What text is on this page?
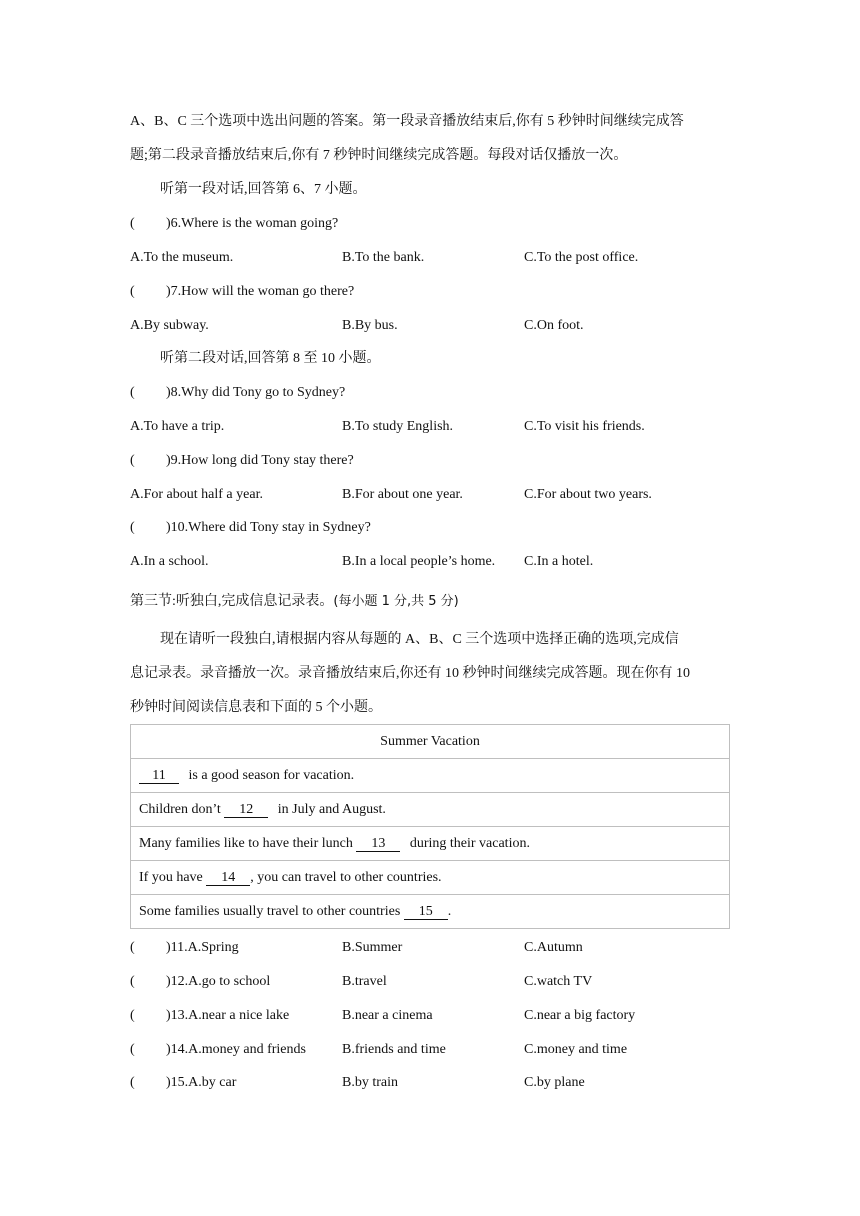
A、B、C 三个选项中选出问题的答案。第一段录音播放结束后,你有 5 秒钟时间继续完成答
题;第二段录音播放结束后,你有 7 秒钟时间继续完成答题。每段对话仅播放一次。
听第一段对话,回答第 6、7 小题。
( )6.Where is the woman going?
A.To the museum.	B.To the bank.	C.To the post office.
( )7.How will the woman go there?
A.By subway.	B.By bus.	C.On foot.
听第二段对话,回答第 8 至 10 小题。
( )8.Why did Tony go to Sydney?
A.To have a trip.	B.To study English.	C.To visit his friends.
( )9.How long did Tony stay there?
A.For about half a year.	B.For about one year.	C.For about two years.
( )10.Where did Tony stay in Sydney?
A.In a school.	B.In a local people’s home. C.In a hotel.
第三节:听独白,完成信息记录表。(每小题 1 分,共 5 分)
现在请听一段独白,请根据内容从每题的 A、B、C 三个选项中选择正确的选项,完成信
息记录表。录音播放一次。录音播放结束后,你还有 10 秒钟时间继续完成答题。现在你有 10
秒钟时间阅读信息表和下面的 5 个小题。
Summer Vacation
11 is a good season for vacation.
Children don’t 12 in July and August.
Many families like to have their lunch 13 during their vacation.
If you have 14 , you can travel to other countries.
Some families usually travel to other countries 15 .
( )11.A.Spring	B.Summer	C.Autumn
( )12.A.go to school	B.travel	C.watch TV
( )13.A.near a nice lake	B.near a cinema	C.near a big factory
( )14.A.money and friends	B.friends and time	C.money and time
( )15.A.by car	B.by train	C.by plane
